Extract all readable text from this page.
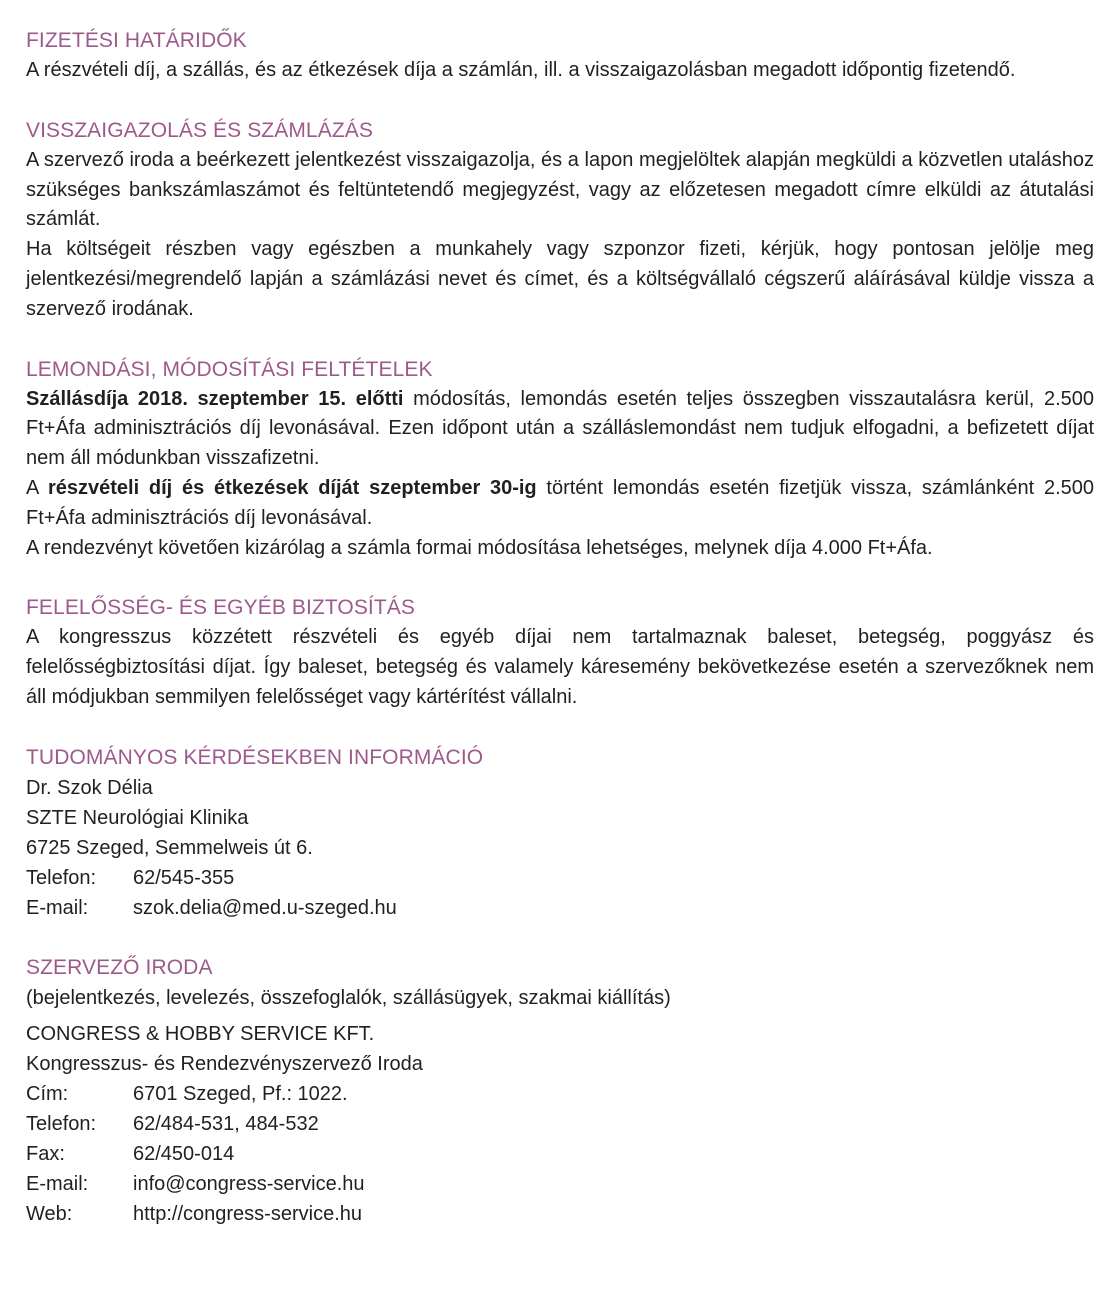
FIZETÉSI HATÁRIDŐK

A részvételi díj, a szállás, és az étkezések díja a számlán, ill. a visszaigazolásban megadott időpontig fizetendő.

VISSZAIGAZOLÁS ÉS SZÁMLÁZÁS

A szervező iroda a beérkezett jelentkezést visszaigazolja, és a lapon megjelöltek alapján megküldi a közvetlen utaláshoz szükséges bankszámlaszámot és feltüntetendő megjegyzést, vagy az előzetesen megadott címre elküldi az átutalási számlát.

Ha költségeit részben vagy egészben a munkahely vagy szponzor fizeti, kérjük, hogy pontosan jelölje meg jelentkezési/megrendelő lapján a számlázási nevet és címet, és a költségvállaló cégszerű aláírásával küldje vissza a szervező irodának.

LEMONDÁSI, MÓDOSÍTÁSI FELTÉTELEK

Szállásdíja 2018. szeptember 15. előtti módosítás, lemondás esetén teljes összegben visszautalásra kerül, 2.500 Ft+Áfa adminisztrációs díj levonásával. Ezen időpont után a szálláslemondást nem tudjuk elfogadni, a befizetett díjat nem áll módunkban visszafizetni.

A részvételi díj és étkezések díját szeptember 30-ig történt lemondás esetén fizetjük vissza, számlánként 2.500 Ft+Áfa adminisztrációs díj levonásával.

A rendezvényt követően kizárólag a számla formai módosítása lehetséges, melynek díja 4.000 Ft+Áfa.

FELELŐSSÉG- ÉS EGYÉB BIZTOSÍTÁS

A kongresszus közzétett részvételi és egyéb díjai nem tartalmaznak baleset, betegség, poggyász és felelősségbiztosítási díjat. Így baleset, betegség és valamely káresemény bekövetkezése esetén a szervezőknek nem áll módjukban semmilyen felelősséget vagy kártérítést vállalni.

TUDOMÁNYOS KÉRDÉSEKBEN INFORMÁCIÓ

Dr. Szok Délia

SZTE Neurológiai Klinika

6725 Szeged, Semmelweis út 6.

Telefon:	62/545-355
E-mail:	szok.delia@med.u-szeged.hu
SZERVEZŐ IRODA

(bejelentkezés, levelezés, összefoglalók, szállásügyek, szakmai kiállítás)

CONGRESS & HOBBY SERVICE KFT.

Kongresszus- és Rendezvényszervező Iroda

Cím:	6701 Szeged, Pf.: 1022.
Telefon:	62/484-531, 484-532
Fax:	62/450-014
E-mail:	info@congress-service.hu
Web:	http://congress-service.hu
